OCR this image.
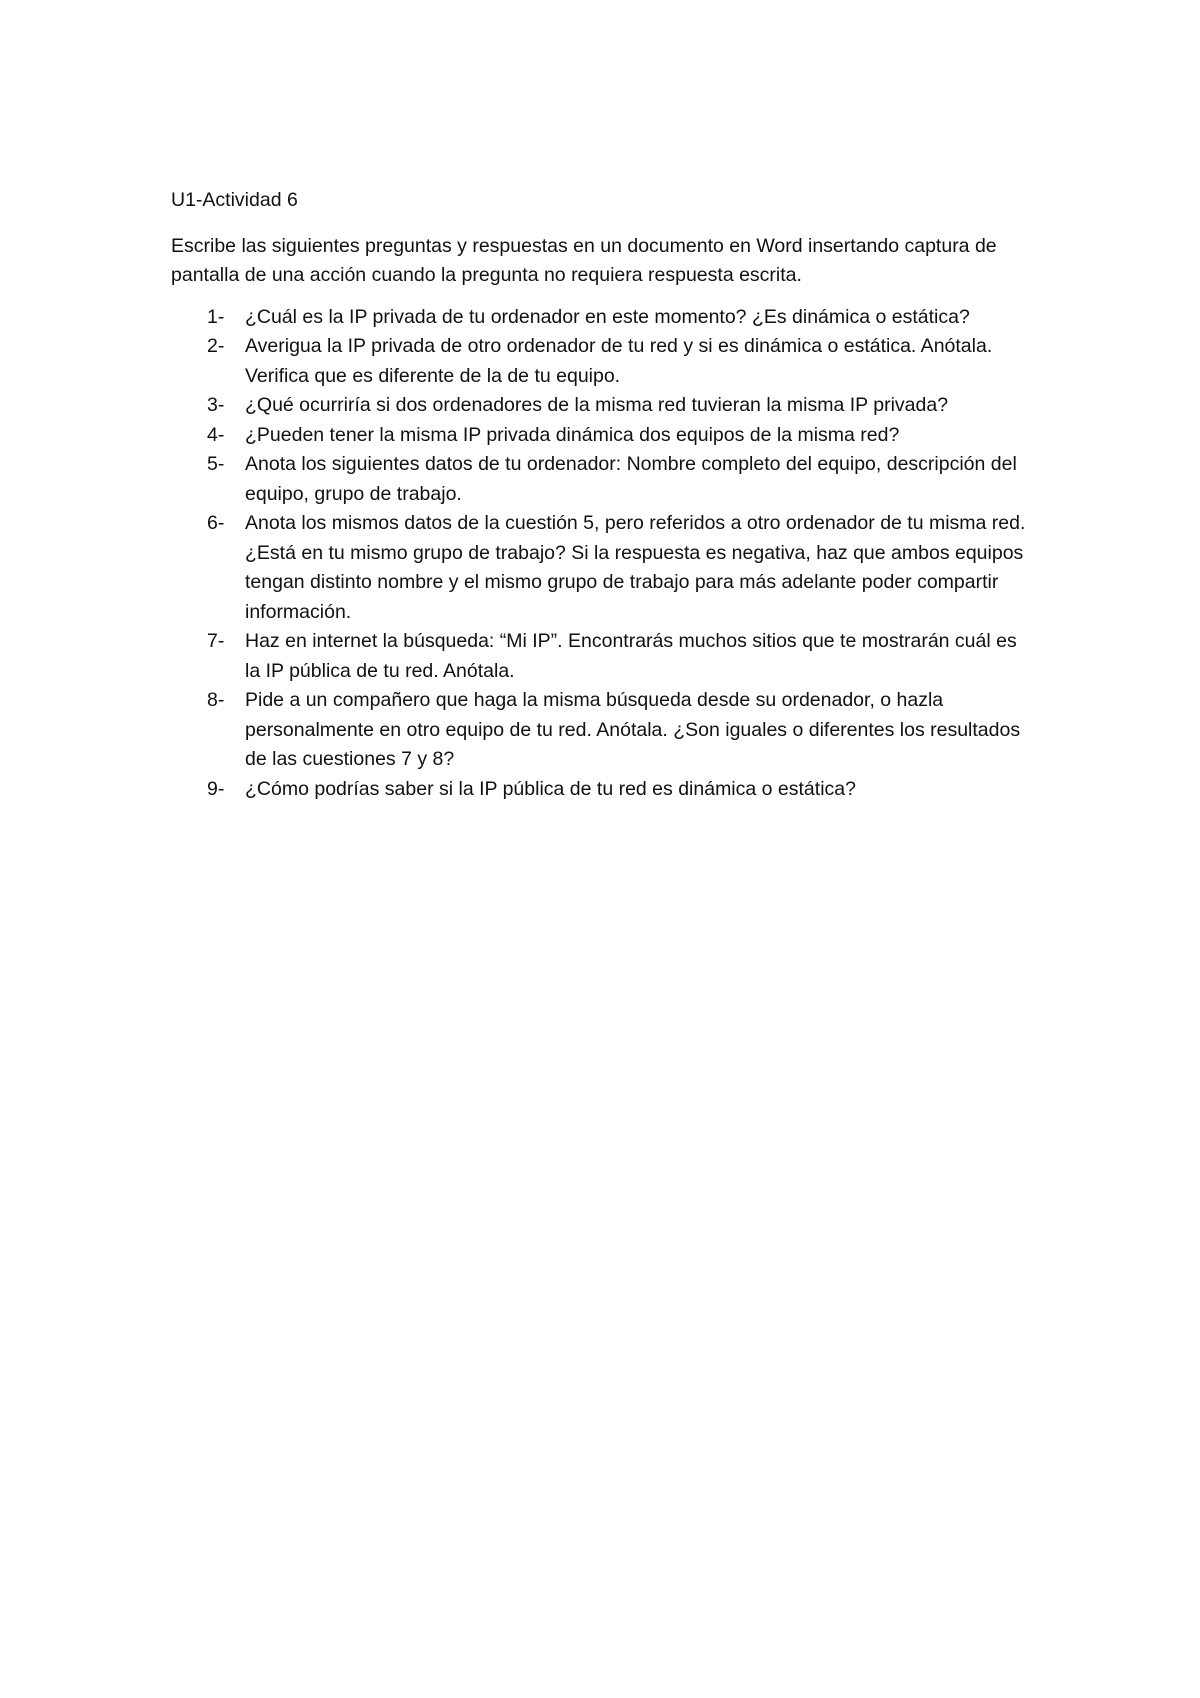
U1-Actividad 6

Escribe las siguientes preguntas y respuestas en un documento en Word insertando captura de pantalla de una acción cuando la pregunta no requiera respuesta escrita.

1-	¿Cuál es la IP privada de tu ordenador en este momento? ¿Es dinámica o estática?
2-	Averigua la IP privada de otro ordenador de tu red y si es dinámica o estática. Anótala. Verifica que es diferente de la de tu equipo.
3-	¿Qué ocurriría si dos ordenadores de la misma red tuvieran la misma IP privada?
4-	¿Pueden tener la misma IP privada dinámica dos equipos de la misma red?
5-	Anota los siguientes datos de tu ordenador: Nombre completo del equipo, descripción del equipo, grupo de trabajo.
6-	Anota los mismos datos de la cuestión 5, pero referidos a otro ordenador de tu misma red. ¿Está en tu mismo grupo de trabajo? Si la respuesta es negativa, haz que ambos equipos tengan distinto nombre y el mismo grupo de trabajo para más adelante poder compartir información.
7-	Haz en internet la búsqueda: “Mi IP”. Encontrarás muchos sitios que te mostrarán cuál es la IP pública de tu red. Anótala.
8-	Pide a un compañero que haga la misma búsqueda desde su ordenador, o hazla personalmente en otro equipo de tu red. Anótala. ¿Son iguales o diferentes los resultados de las cuestiones 7 y 8?
9-	¿Cómo podrías saber si la IP pública de tu red es dinámica o estática?
